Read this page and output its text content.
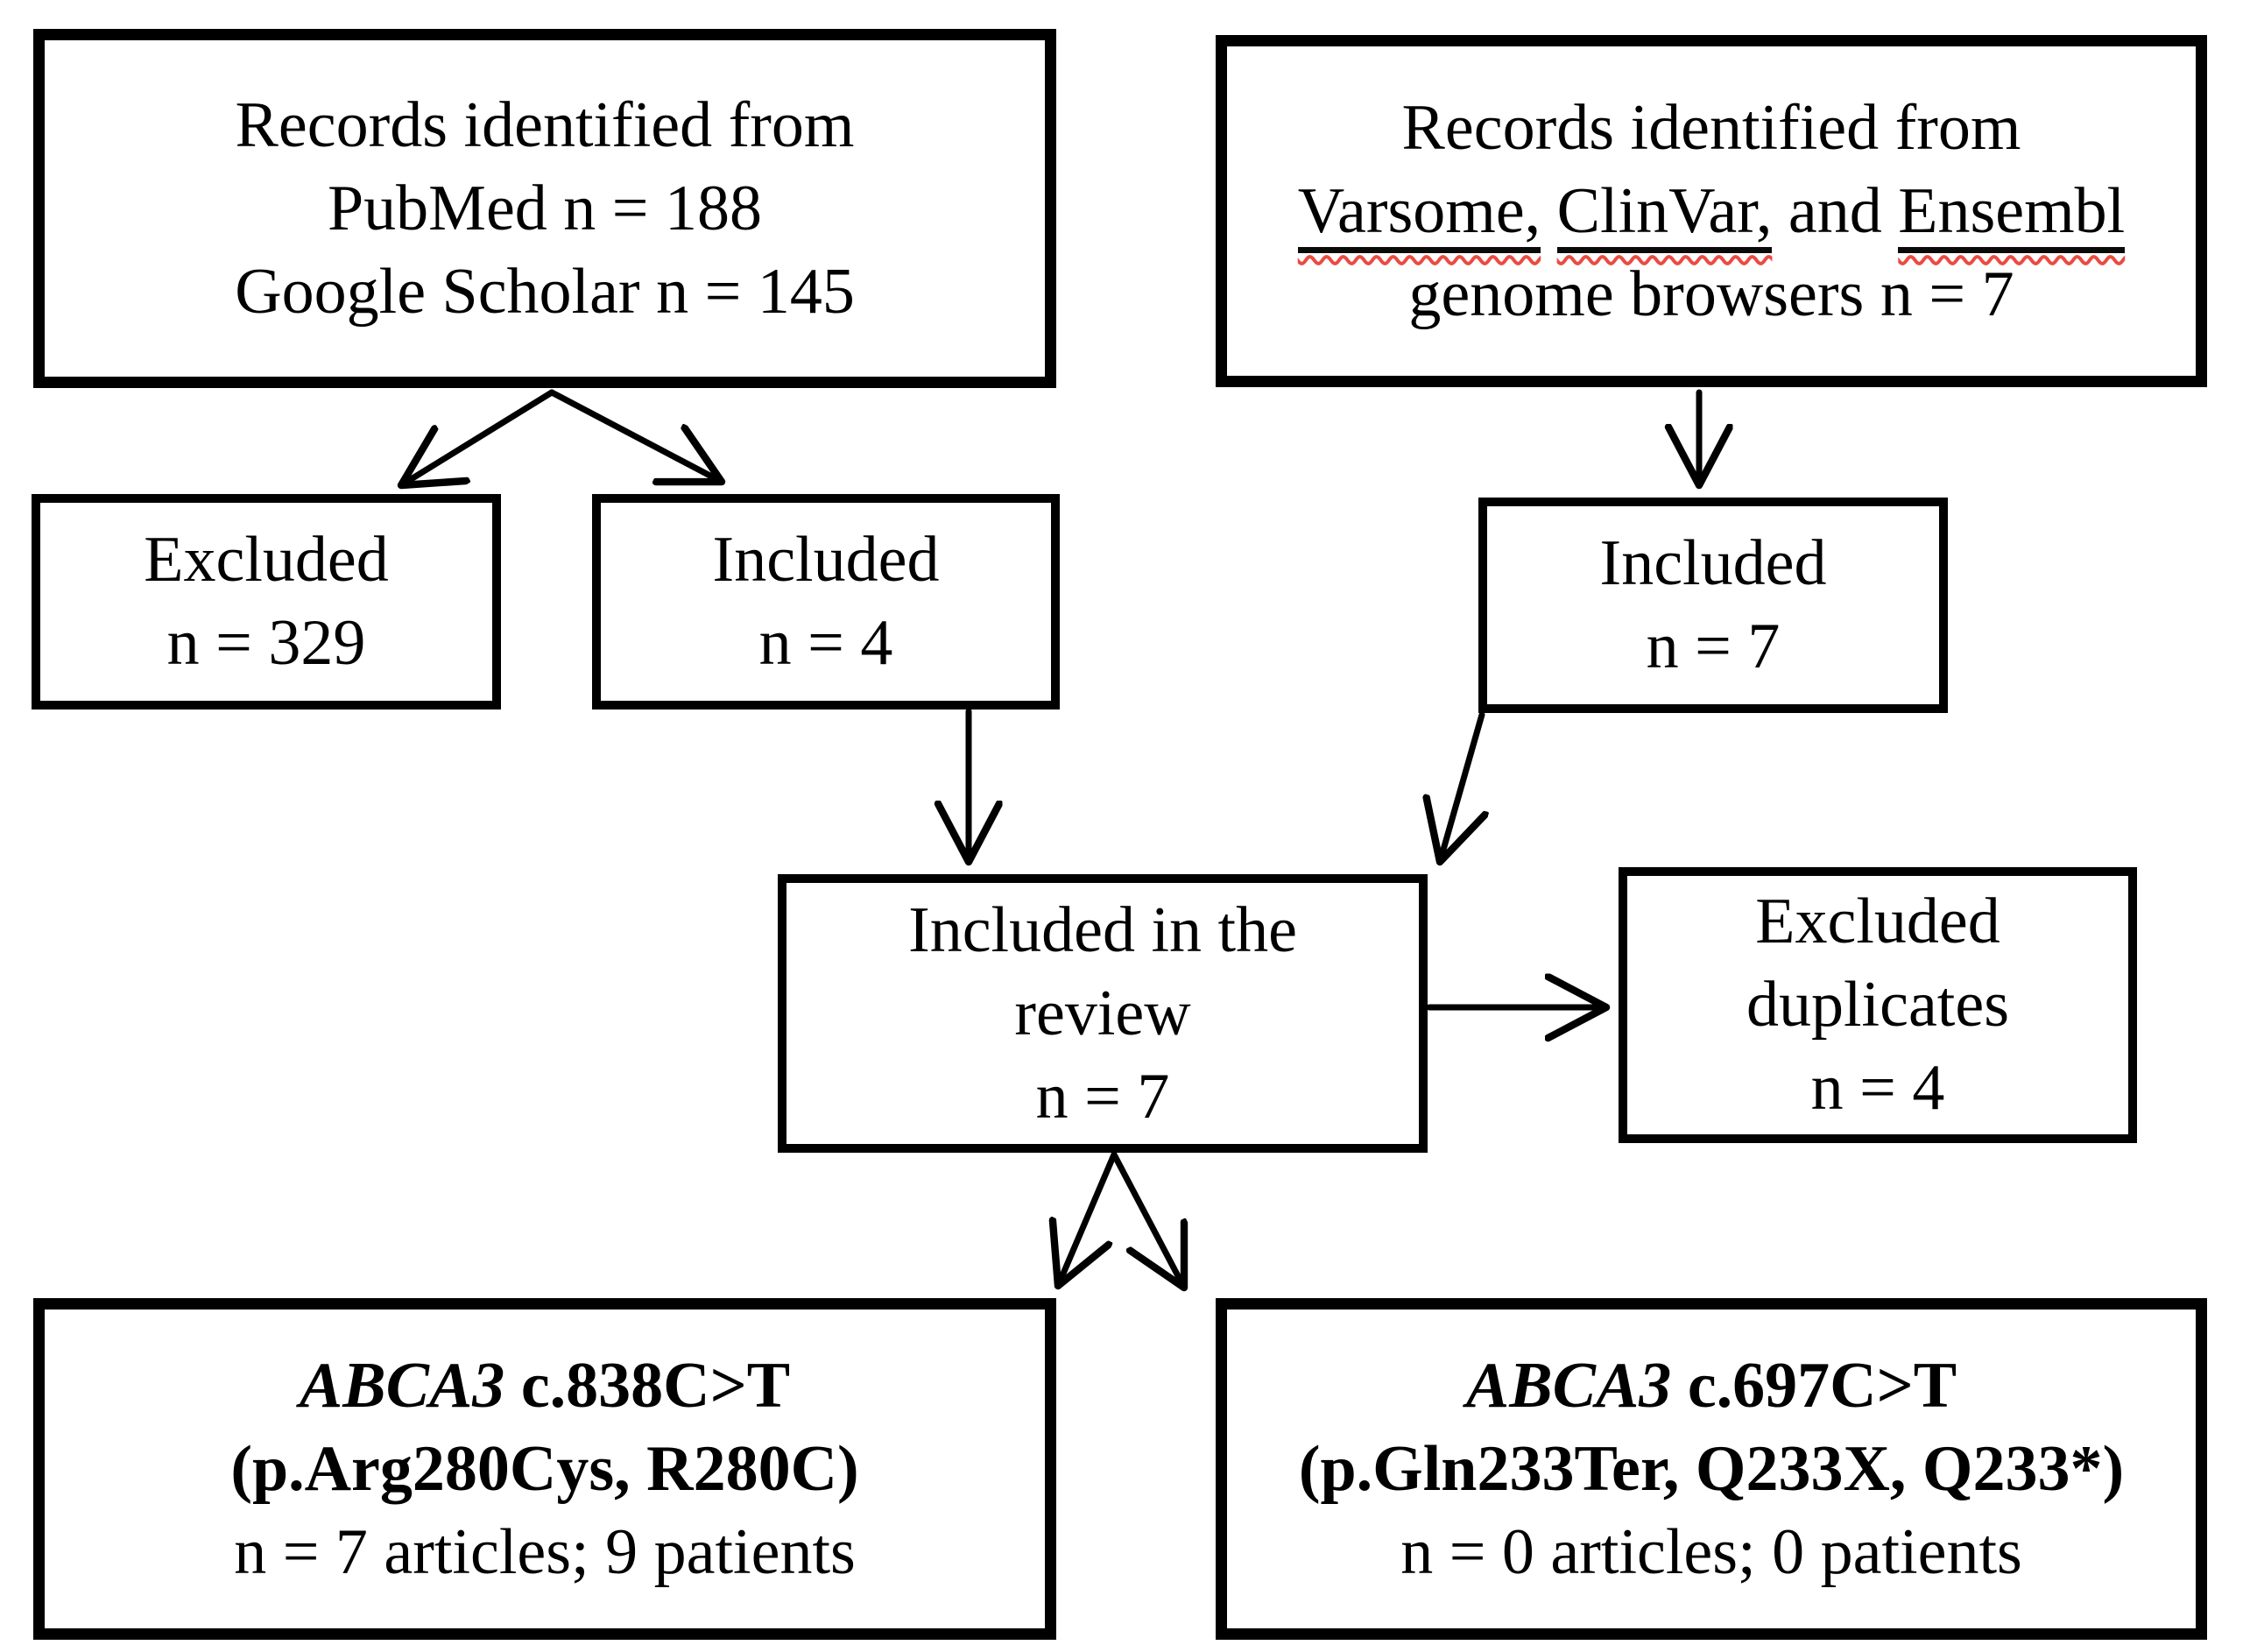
Records identified from
PubMed n = 188
Google Scholar n = 145
Records identified from
Varsome, ClinVar, and Ensembl
genome browsers n = 7
Excluded
n = 329
Included
n = 4
Included
n = 7
Included in the
review
n = 7
Excluded
duplicates
n = 4
ABCA3 c.838C>T
(p.Arg280Cys, R280C)
n = 7 articles; 9 patients
ABCA3 c.697C>T
(p.Gln233Ter, Q233X, Q233*)
n = 0 articles; 0 patients
